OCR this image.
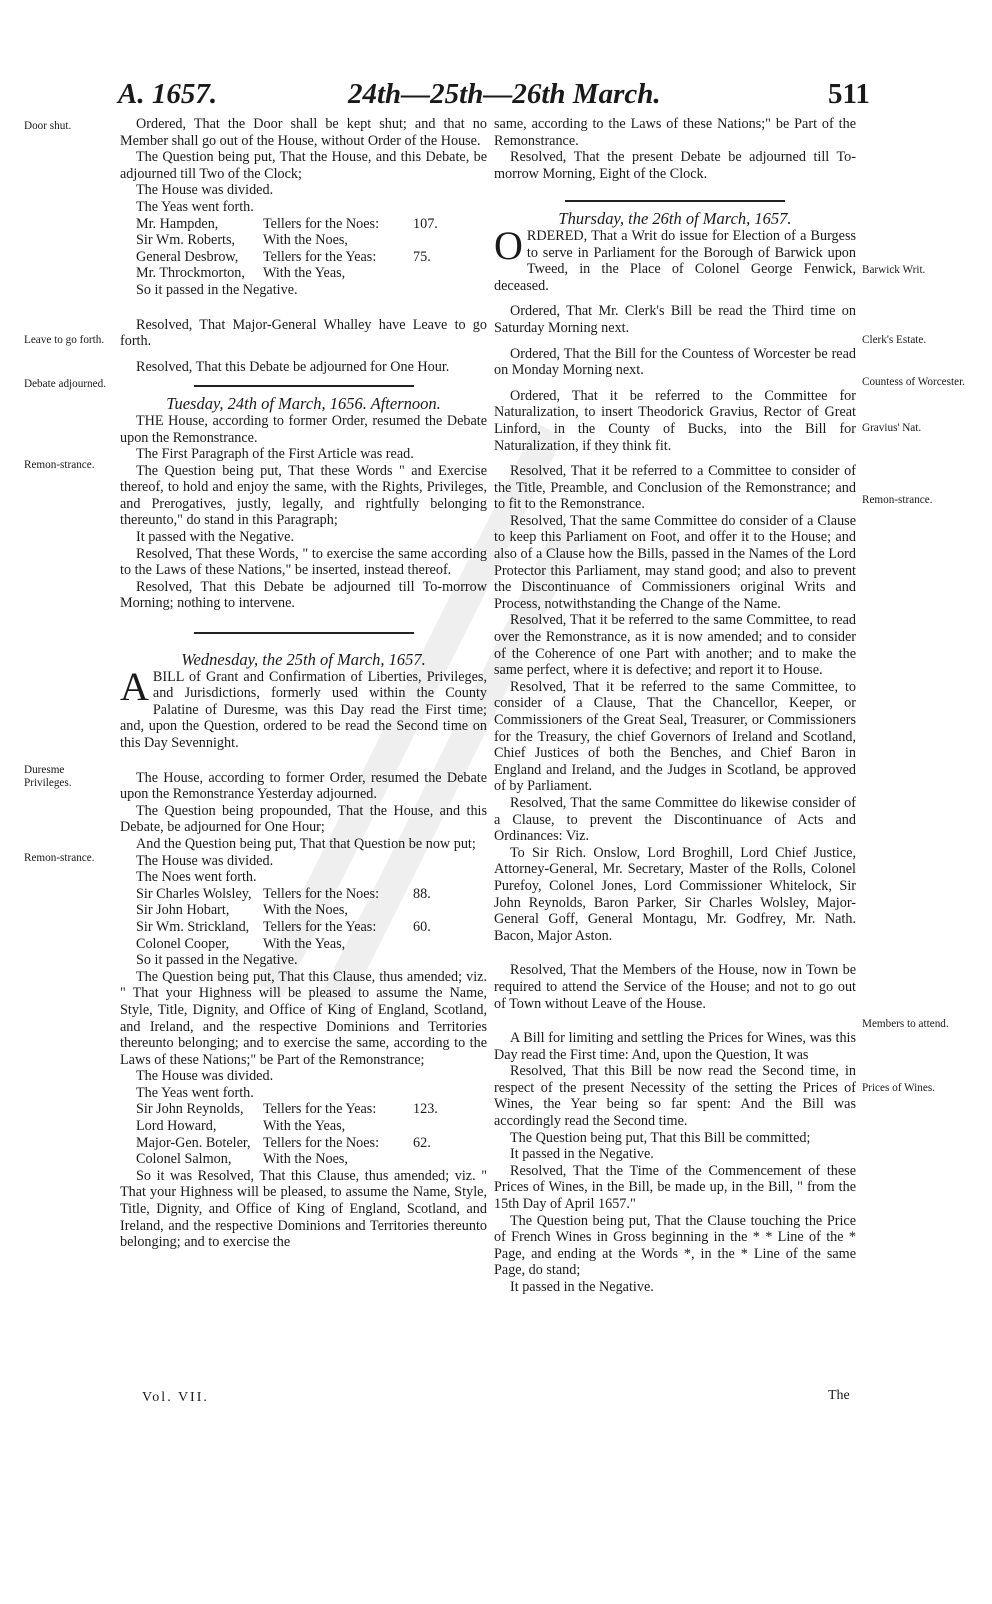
A. 1657.	24th—25th—26th March.	511
Door shut.
Leave to go forth.
Debate adjourned.
Remon-strance.
Duresme Privileges.
Remon-strance.
Barwick Writ.
Clerk's Estate.
Countess of Worcester.
Gravius' Nat.
Remon-strance.
Members to attend.
Prices of Wines.

Ordered, That the Door shall be kept shut; and that no Member shall go out of the House, without Order of the House.

The Question being put, That the House, and this Debate, be adjourned till Two of the Clock;

The House was divided.

The Yeas went forth.

Mr. Hampden,	Tellers for the Noes:	107.
Sir Wm. Roberts,	With the Noes,
General Desbrow,	Tellers for the Yeas:	75.
Mr. Throckmorton,	With the Yeas,

So it passed in the Negative.

Resolved, That Major-General Whalley have Leave to go forth.

Resolved, That this Debate be adjourned for One Hour.

Tuesday, 24th of March, 1656. Afternoon.

THE House, according to former Order, resumed the Debate upon the Remonstrance.

The First Paragraph of the First Article was read.

The Question being put, That these Words " and Exercise thereof, to hold and enjoy the same, with the Rights, Privileges, and Prerogatives, justly, legally, and rightfully belonging thereunto," do stand in this Paragraph;

It passed with the Negative.

Resolved, That these Words, " to exercise the same according to the Laws of these Nations," be inserted, instead thereof.

Resolved, That this Debate be adjourned till To-morrow Morning; nothing to intervene.

Wednesday, the 25th of March, 1657.

ABILL of Grant and Confirmation of Liberties, Privileges, and Jurisdictions, formerly used within the County Palatine of Duresme, was this Day read the First time; and, upon the Question, ordered to be read the Second time on this Day Sevennight.

The House, according to former Order, resumed the Debate upon the Remonstrance Yesterday adjourned.

The Question being propounded, That the House, and this Debate, be adjourned for One Hour;

And the Question being put, That that Question be now put;

The House was divided.

The Noes went forth.

Sir Charles Wolsley, Tellers for the Noes:	88.
Sir John Hobart,	With the Noes,
Sir Wm. Strickland, Tellers for the Yeas:	60.
Colonel Cooper,	With the Yeas,

So it passed in the Negative.

The Question being put, That this Clause, thus amended; viz. " That your Highness will be pleased to assume the Name, Style, Title, Dignity, and Office of King of England, Scotland, and Ireland, and the respective Dominions and Territories thereunto belonging; and to exercise the same, according to the Laws of these Nations;" be Part of the Remonstrance;

The House was divided.

The Yeas went forth.

Sir John Reynolds,	Tellers for the Yeas:	123.
Lord Howard,	With the Yeas,
Major-Gen. Boteler, Tellers for the Noes:	62.
Colonel Salmon,	With the Noes,

So it was Resolved, That this Clause, thus amended; viz. " That your Highness will be pleased, to assume the Name, Style, Title, Dignity, and Office of King of England, Scotland, and Ireland, and the respective Dominions and Territories thereunto belonging; and to exercise the

same, according to the Laws of these Nations;" be Part of the Remonstrance.

Resolved, That the present Debate be adjourned till To-morrow Morning, Eight of the Clock.

Thursday, the 26th of March, 1657.

ORDERED, That a Writ do issue for Election of a Burgess to serve in Parliament for the Borough of Barwick upon Tweed, in the Place of Colonel George Fenwick, deceased.

Ordered, That Mr. Clerk's Bill be read the Third time on Saturday Morning next.

Ordered, That the Bill for the Countess of Worcester be read on Monday Morning next.

Ordered, That it be referred to the Committee for Naturalization, to insert Theodorick Gravius, Rector of Great Linford, in the County of Bucks, into the Bill for Naturalization, if they think fit.

Resolved, That it be referred to a Committee to consider of the Title, Preamble, and Conclusion of the Remonstrance; and to fit to the Remonstrance.

Resolved, That the same Committee do consider of a Clause to keep this Parliament on Foot, and offer it to the House; and also of a Clause how the Bills, passed in the Names of the Lord Protector this Parliament, may stand good; and also to prevent the Discontinuance of Commissioners original Writs and Process, notwithstanding the Change of the Name.

Resolved, That it be referred to the same Committee, to read over the Remonstrance, as it is now amended; and to consider of the Coherence of one Part with another; and to make the same perfect, where it is defective; and report it to House.

Resolved, That it be referred to the same Committee, to consider of a Clause, That the Chancellor, Keeper, or Commissioners of the Great Seal, Treasurer, or Commissioners for the Treasury, the chief Governors of Ireland and Scotland, Chief Justices of both the Benches, and Chief Baron in England and Ireland, and the Judges in Scotland, be approved of by Parliament.

Resolved, That the same Committee do likewise consider of a Clause, to prevent the Discontinuance of Acts and Ordinances: Viz.

To Sir Rich. Onslow, Lord Broghill, Lord Chief Justice, Attorney-General, Mr. Secretary, Master of the Rolls, Colonel Purefoy, Colonel Jones, Lord Commissioner Whitelock, Sir John Reynolds, Baron Parker, Sir Charles Wolsley, Major-General Goff, General Montagu, Mr. Godfrey, Mr. Nath. Bacon, Major Aston.

Resolved, That the Members of the House, now in Town be required to attend the Service of the House; and not to go out of Town without Leave of the House.

A Bill for limiting and settling the Prices for Wines, was this Day read the First time: And, upon the Question, It was

Resolved, That this Bill be now read the Second time, in respect of the present Necessity of the setting the Prices of Wines, the Year being so far spent: And the Bill was accordingly read the Second time.

The Question being put, That this Bill be committed;

It passed in the Negative.

Resolved, That the Time of the Commencement of these Prices of Wines, in the Bill, be made up, in the Bill, " from the 15th Day of April 1657."

The Question being put, That the Clause touching the Price of French Wines in Gross beginning in the * * Line of the * Page, and ending at the Words *, in the * Line of the same Page, do stand;

It passed in the Negative.

Vol. VII.	The
